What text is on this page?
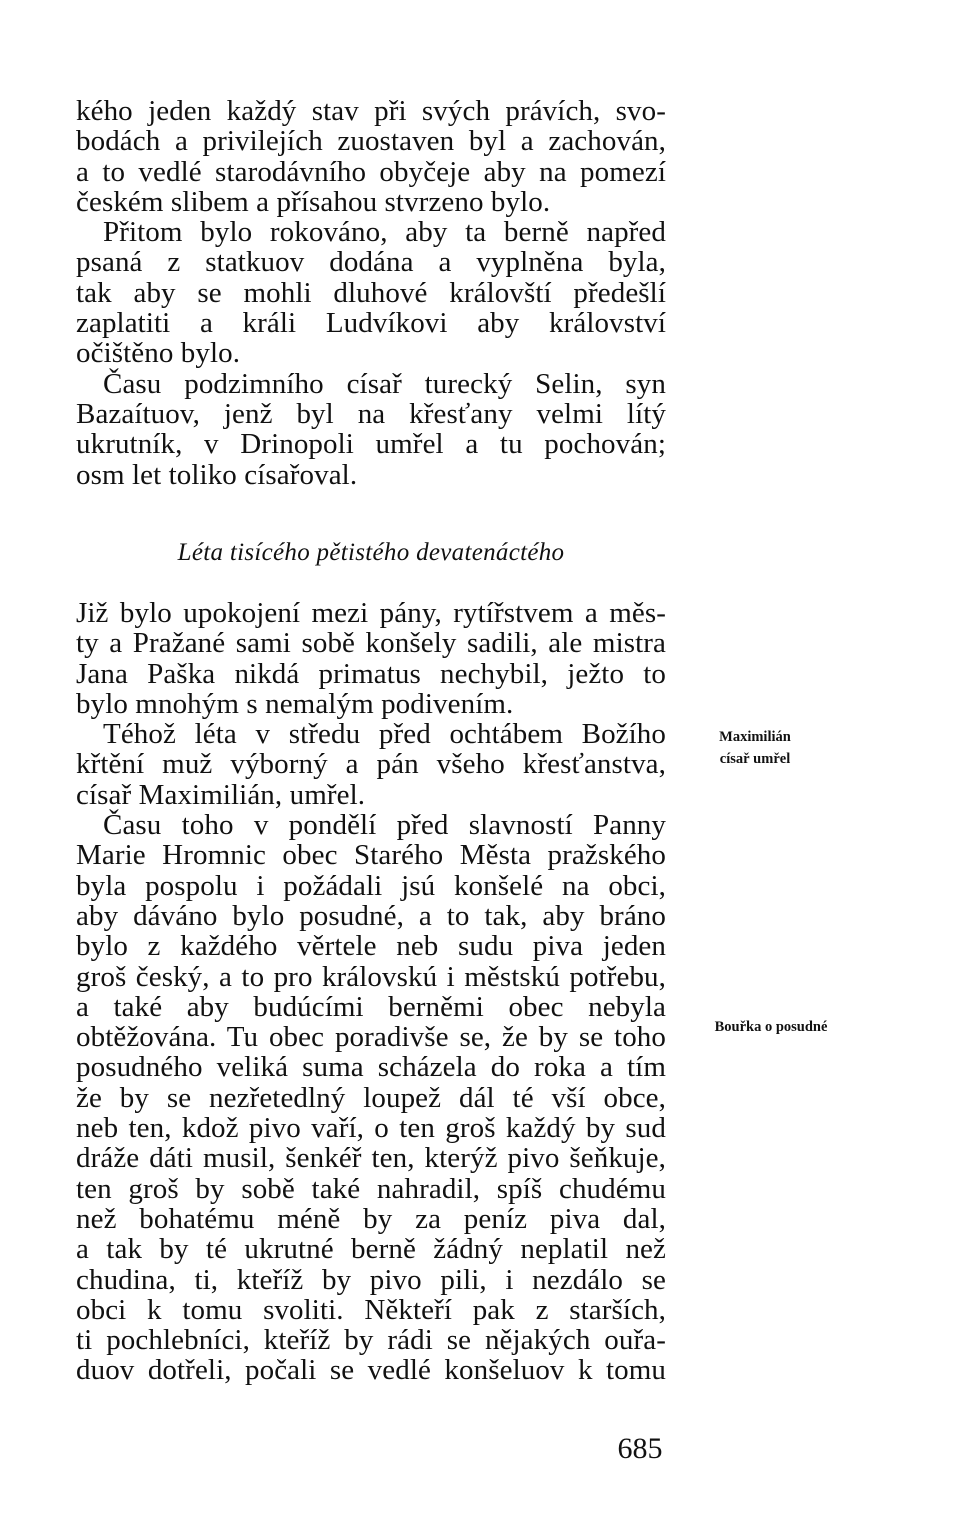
kého jeden každý stav při svých právích, svo-
bodách a privilejích zuostaven byl a zachován,
a to vedlé starodávního obyčeje aby na pomezí
českém slibem a přísahou stvrzeno bylo.
Přitom bylo rokováno, aby ta berně napřed
psaná z statkuov dodána a vyplněna byla,
tak aby se mohli dluhové královští předešlí
zaplatiti a králi Ludvíkovi aby království
očištěno bylo.
Času podzimního císař turecký Selin, syn
Bazaítuov, jenž byl na křesťany velmi lítý
ukrutník, v Drinopoli umřel a tu pochován;
osm let toliko císařoval.
Léta tisícého pětistého devatenáctého
Již bylo upokojení mezi pány, rytířstvem a měs-
ty a Pražané sami sobě konšely sadili, ale mistra
Jana Paška nikdá primatus nechybil, ježto to
bylo mnohým s nemalým podivením.
Téhož léta v středu před ochtábem Božího
křtění muž výborný a pán všeho křesťanstva,
císař Maximilián, umřel.
Času toho v pondělí před slavností Panny
Marie Hromnic obec Starého Města pražského
byla pospolu i požádali jsú konšelé na obci,
aby dáváno bylo posudné, a to tak, aby bráno
bylo z každého věrtele neb sudu piva jeden
groš český, a to pro královskú i městskú potřebu,
a také aby budúcími berněmi obec nebyla
obtěžována. Tu obec poradivše se, že by se toho
posudného veliká suma scházela do roka a tím
že by se nezřetedlný loupež dál té vší obce,
neb ten, kdož pivo vaří, o ten groš každý by sud
dráže dáti musil, šenkéř ten, kterýž pivo šeňkuje,
ten groš by sobě také nahradil, spíš chudému
než bohatému méně by za peníz piva dal,
a tak by té ukrutné berně žádný neplatil než
chudina, ti, kteříž by pivo pili, i nezdálo se
obci k tomu svoliti. Někteří pak z starších,
ti pochlebníci, kteříž by rádi se nějakých ouřa-
duov dotřeli, počali se vedlé konšeluov k tomu
Maximilián
císař umřel
Bouřka o posudné
685
